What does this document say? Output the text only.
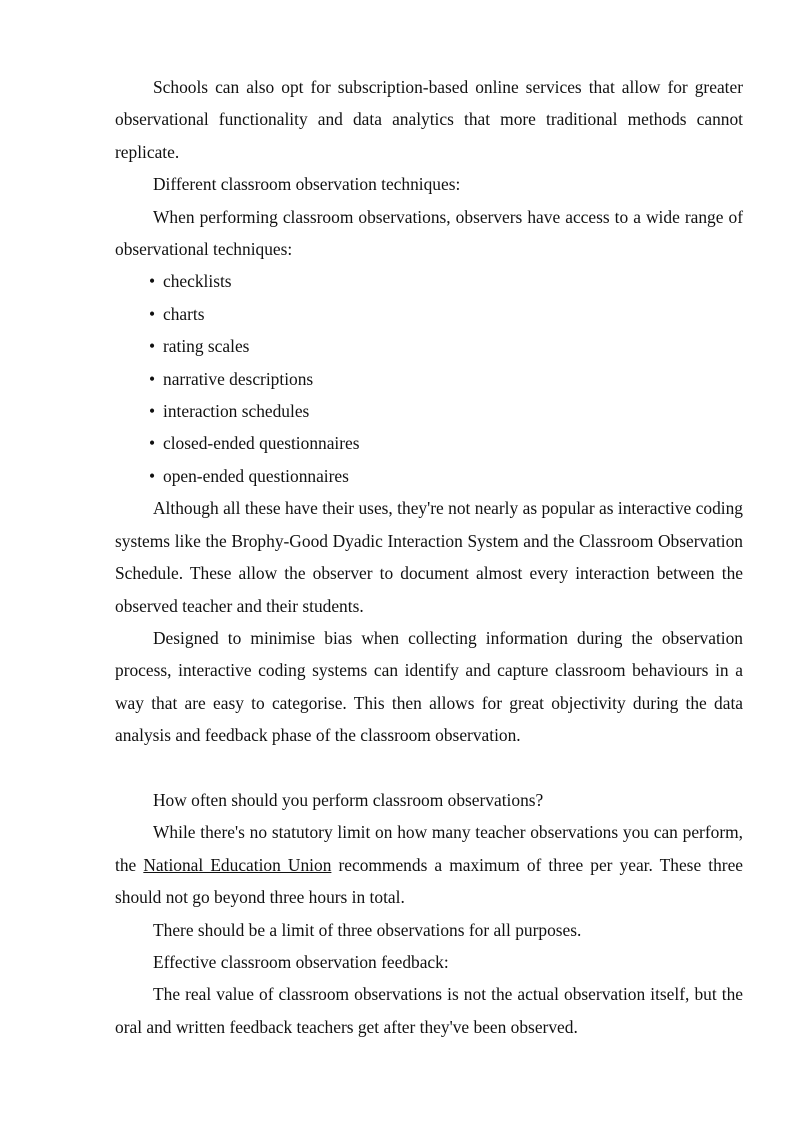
Schools can also opt for subscription-based online services that allow for greater observational functionality and data analytics that more traditional methods cannot replicate.

Different classroom observation techniques:

When performing classroom observations, observers have access to a wide range of observational techniques:

• checklists
• charts
• rating scales
• narrative descriptions
• interaction schedules
• closed-ended questionnaires
• open-ended questionnaires

Although all these have their uses, they're not nearly as popular as interactive coding systems like the Brophy-Good Dyadic Interaction System and the Classroom Observation Schedule. These allow the observer to document almost every interaction between the observed teacher and their students.

Designed to minimise bias when collecting information during the observation process, interactive coding systems can identify and capture classroom behaviours in a way that are easy to categorise. This then allows for great objectivity during the data analysis and feedback phase of the classroom observation.

How often should you perform classroom observations?

While there's no statutory limit on how many teacher observations you can perform, the National Education Union recommends a maximum of three per year. These three should not go beyond three hours in total.

There should be a limit of three observations for all purposes.

Effective classroom observation feedback:

The real value of classroom observations is not the actual observation itself, but the oral and written feedback teachers get after they've been observed.
